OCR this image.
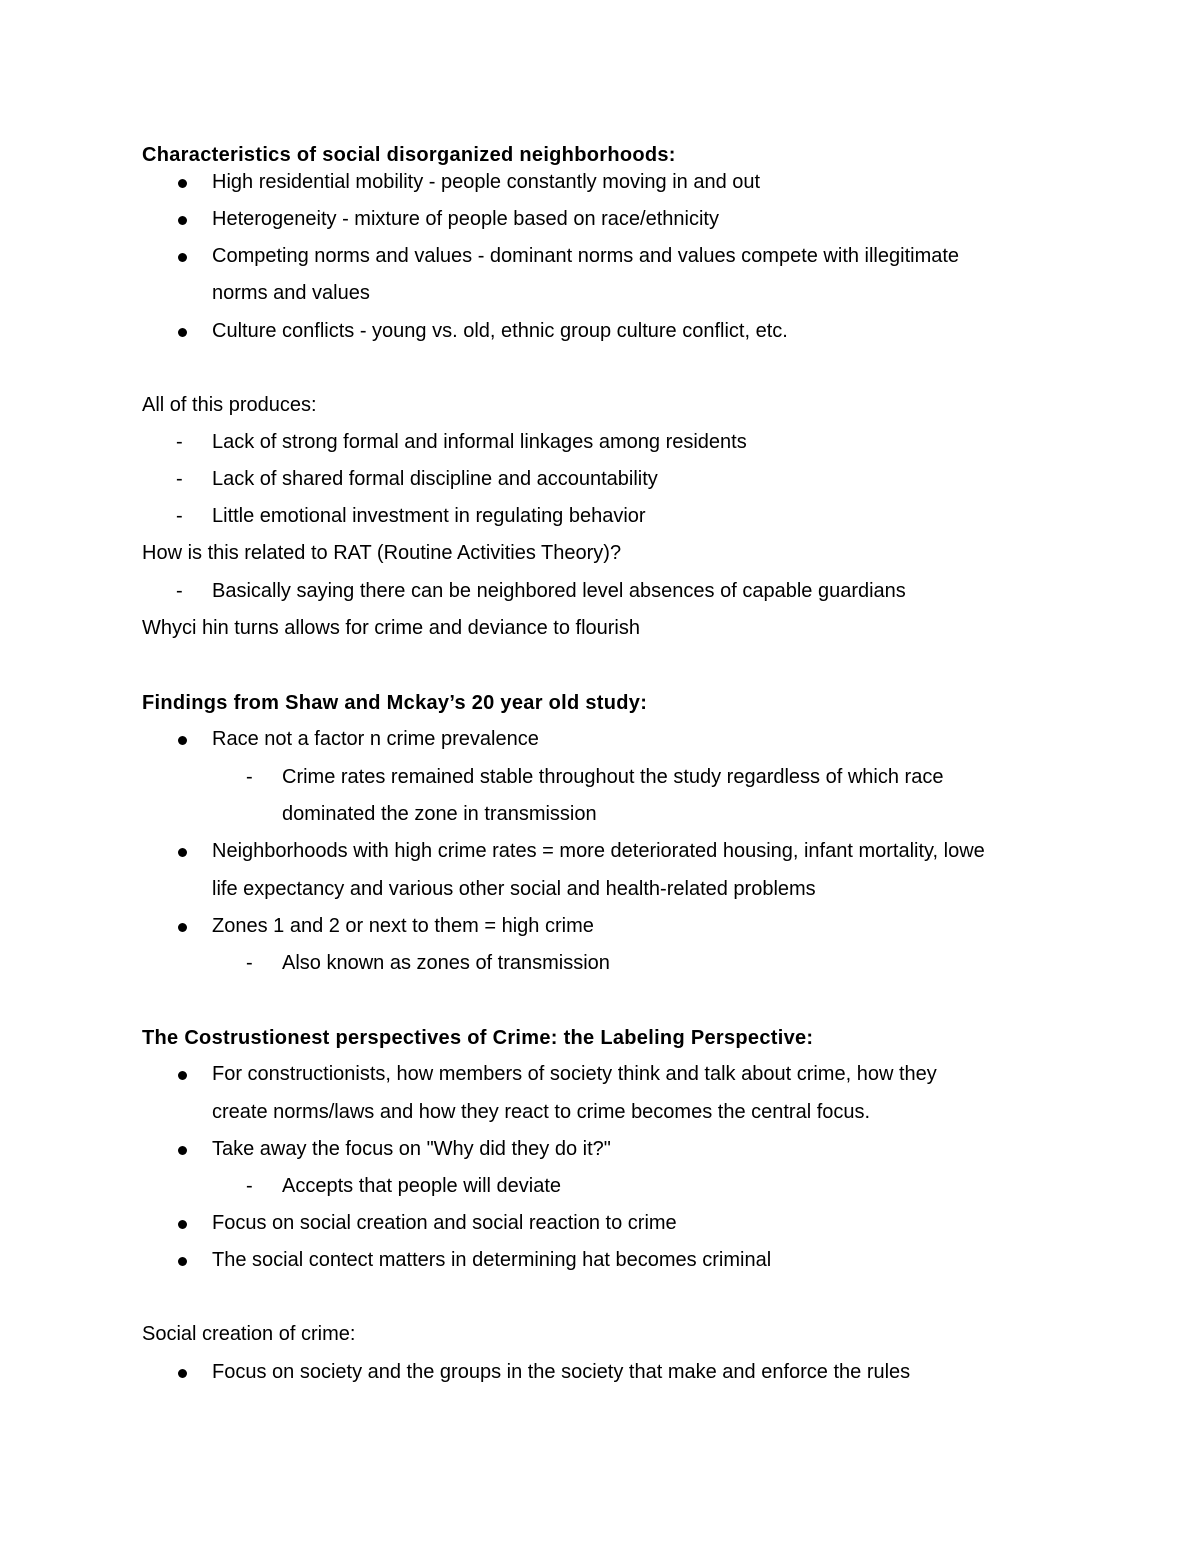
Characteristics of social disorganized neighborhoods:
High residential mobility - people constantly moving in and out
Heterogeneity - mixture of people based on race/ethnicity
Competing norms and values - dominant norms and values compete with illegitimate
norms and values
Culture conflicts - young vs. old, ethnic group culture conflict, etc.
All of this produces:
- Lack of strong formal and informal linkages among residents
- Lack of shared formal discipline and accountability
- Little emotional investment in regulating behavior
How is this related to RAT (Routine Activities Theory)?
- Basically saying there can be neighbored level absences of capable guardians
Whyci hin turns allows for crime and deviance to flourish
Findings from Shaw and Mckay’s 20 year old study:
Race not a factor n crime prevalence
- Crime rates remained stable throughout the study regardless of which race
dominated the zone in transmission
Neighborhoods with high crime rates = more deteriorated housing, infant mortality, lowe
life expectancy and various other social and health-related problems
Zones 1 and 2 or next to them = high crime
- Also known as zones of transmission
The Costrustionest perspectives of Crime: the Labeling Perspective:
For constructionists, how members of society think and talk about crime, how they
create norms/laws and how they react to crime becomes the central focus.
Take away the focus on "Why did they do it?"
- Accepts that people will deviate
Focus on social creation and social reaction to crime
The social contect matters in determining hat becomes criminal
Social creation of crime:
Focus on society and the groups in the society that make and enforce the rules
